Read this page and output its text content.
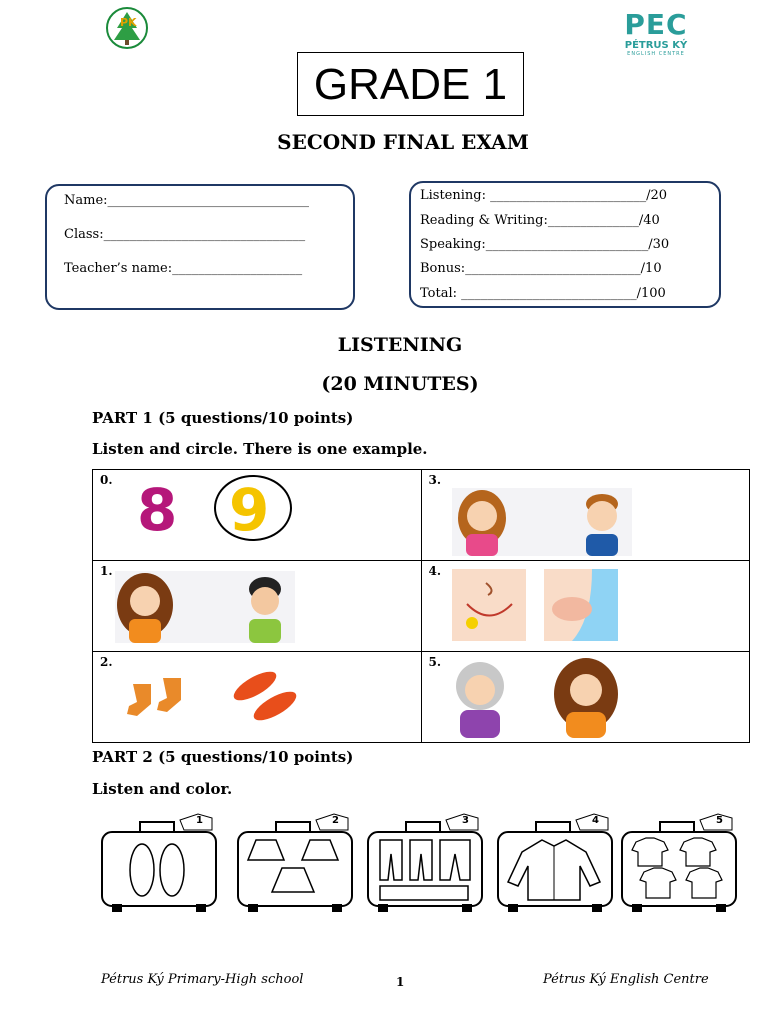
PK	PEC
PÉTRUS KÝ
ENGLISH CENTRE
GRADE 1
SECOND FINAL EXAM
Name:_______________________________
Class:_______________________________
Teacher’s name:____________________
Listening: ________________________/20
Reading & Writing:______________/40
Speaking:_________________________/30
Bonus:___________________________/10
Total: ___________________________/100
LISTENING
(20 MINUTES)
PART 1 (5 questions/10 points)
Listen and circle. There is one example.
0. 8 9	3.

1.	4.

2.	5.
PART 2 (5 questions/10 points)
Listen and color.
1	2	3	4	5
Pétrus Ký Primary-High school	1	Pétrus Ký English Centre
